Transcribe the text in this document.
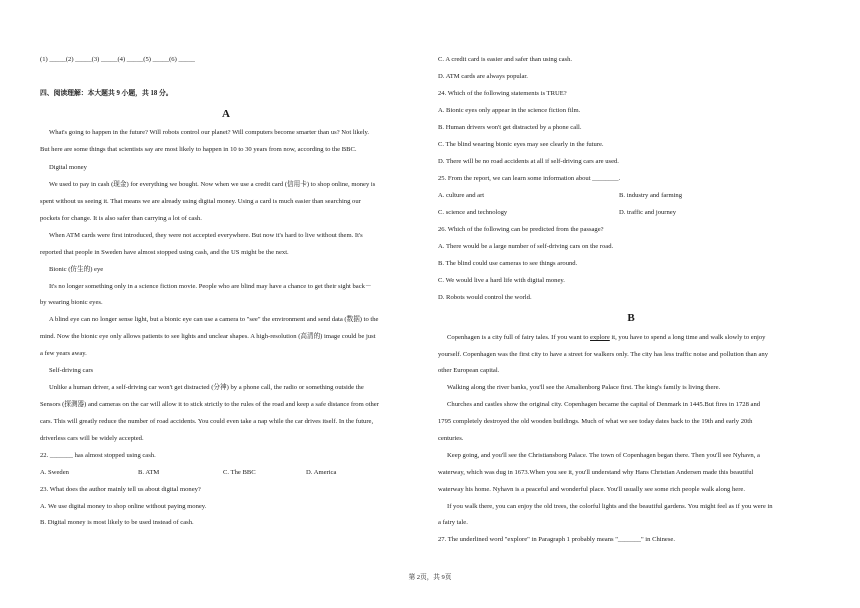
(1) _____(2) _____(3) _____(4) _____(5) _____(6) _____
四、阅读理解：本大题共 9 小题，共 18 分。
A
What's going to happen in the future? Will robots control our planet? Will computers become smarter than us? Not likely.
But here are some things that scientists say are most likely to happen in 10 to 30 years from now, according to the BBC.
Digital money
We used to pay in cash (现金) for everything we bought. Now when we use a credit card (信用卡) to shop online, money is
spent without us seeing it. That means we are already using digital money. Using a card is much easier than searching our
pockets for change. It is also safer than carrying a lot of cash.
When ATM cards were first introduced, they were not accepted everywhere. But now it's hard to live without them. It's
reported that people in Sweden have almost stopped using cash, and the US might be the next.
Bionic (仿生的) eye
It's no longer something only in a science fiction movie. People who are blind may have a chance to get their sight back－
by wearing bionic eyes.
A blind eye can no longer sense light, but a bionic eye can use a camera to "see" the environment and send data (数据) to the
mind. Now the bionic eye only allows patients to see lights and unclear shapes. A high-resolution (高清的) image could be just
a few years away.
Self-driving cars
Unlike a human driver, a self-driving car won't get distracted (分神) by a phone call, the radio or something outside the
Sensors (探测器) and cameras on the car will allow it to stick strictly to the rules of the road and keep a safe distance from other
cars. This will greatly reduce the number of road accidents. You could even take a nap while the car drives itself. In the future,
driverless cars will be widely accepted.
22. _______ has almost stopped using cash.
A. Sweden	B. ATM	C. The BBC	D. America
23. What does the author mainly tell us about digital money?
A. We use digital money to shop online without paying money.
B. Digital money is most likely to be used instead of cash.
C. A credit card is easier and safer than using cash.
D. ATM cards are always popular.
24. Which of the following statements is TRUE?
A. Bionic eyes only appear in the science fiction film.
B. Human drivers won't get distracted by a phone call.
C. The blind wearing bionic eyes may see clearly in the future.
D. There will be no road accidents at all if self-driving cars are used.
25. From the report, we can learn some information about ________.
A. culture and art	B. industry and farming
C. science and technology	D. traffic and journey
26. Which of the following can be predicted from the passage?
A. There would be a large number of self-driving cars on the road.
B. The blind could use cameras to see things around.
C. We would live a hard life with digital money.
D. Robots would control the world.
B
Copenhagen is a city full of fairy tales. If you want to explore it, you have to spend a long time and walk slowly to enjoy
yourself. Copenhagen was the first city to have a street for walkers only. The city has less traffic noise and pollution than any
other European capital.
Walking along the river banks, you'll see the Amalienborg Palace first. The king's family is living there.
Churches and castles show the original city. Copenhagen became the capital of Denmark in 1445.But fires in 1728 and
1795 completely destroyed the old wooden buildings. Much of what we see today dates back to the 19th and early 20th
centuries.
Keep going, and you'll see the Christiansborg Palace. The town of Copenhagen began there. Then you'll see Nyhavn, a
waterway, which was dug in 1673.When you see it, you'll understand why Hans Christian Andersen made this beautiful
waterway his home. Nyhavn is a peaceful and wonderful place. You'll usually see some rich people walk along here.
If you walk there, you can enjoy the old trees, the colorful lights and the beautiful gardens. You might feel as if you were in
a fairy tale.
27. The underlined word "explore" in Paragraph 1 probably means "_______" in Chinese.
第 2页，共 9页
